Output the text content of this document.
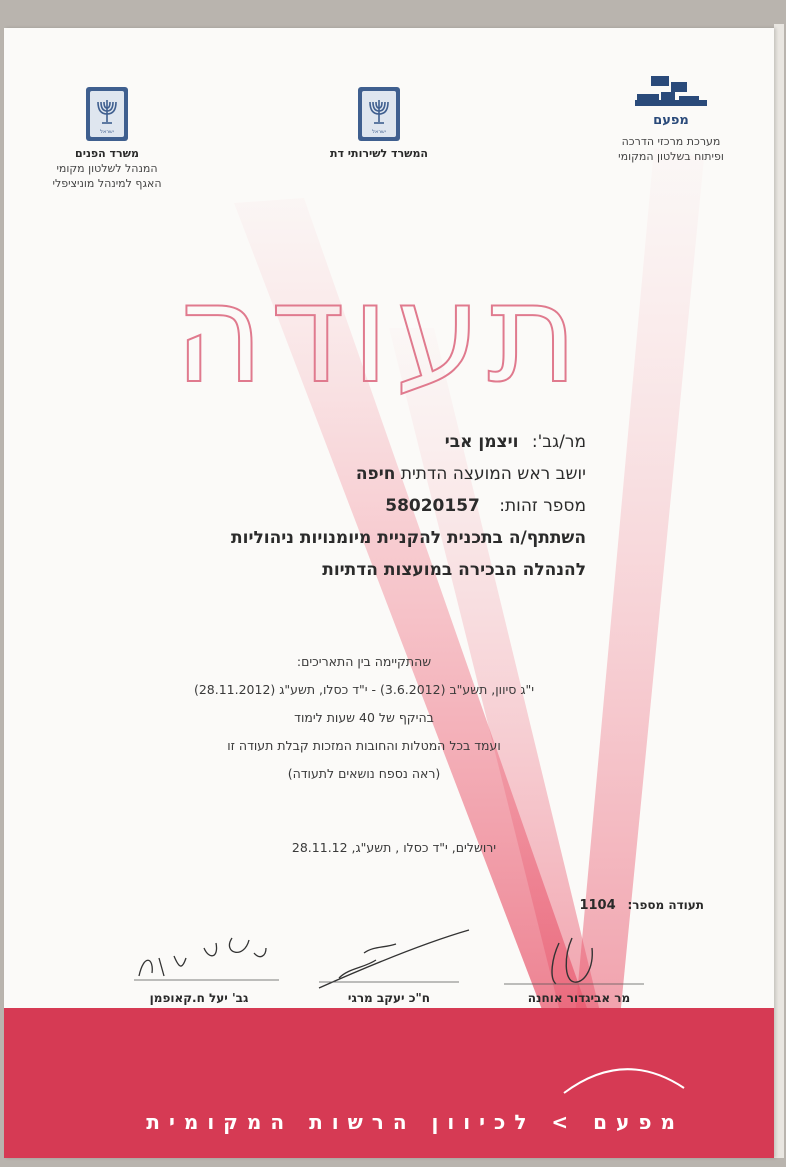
ישראל
משרד הפנים
המנהל לשלטון מקומי
האגף למינהל מוניציפלי
ישראל
המשרד לשירותי דת
מפעם
מערכת מרכזי הדרכה
ופיתוח בשלטון המקומי
תעודה
מר/גב': ויצמן אבי
יושב ראש המועצה הדתית חיפה
מספר זהות: 58020157
השתתף/ה בתכנית להקניית מיומנויות ניהוליות
להנהלה הבכירה במועצות הדתיות
שהתקיימה בין התאריכים:
י"ג סיוון, תשע"ב (3.6.2012) - י"ד כסלו, תשע"ג (28.11.2012)
בהיקף של 40 שעות לימוד
ועמד בכל המטלות והחובות המזכות קבלת תעודה זו
(ראה נספח נושאים לתעודה)
ירושלים, י"ד כסלו , תשע"ג, 28.11.12
תעודה מספר: 1104
מר אביגדור אוחנה
ח"כ יעקב מרגי
גב' יעל ח.קאופמן
מפעם > לכיוון הרשות המקומית
